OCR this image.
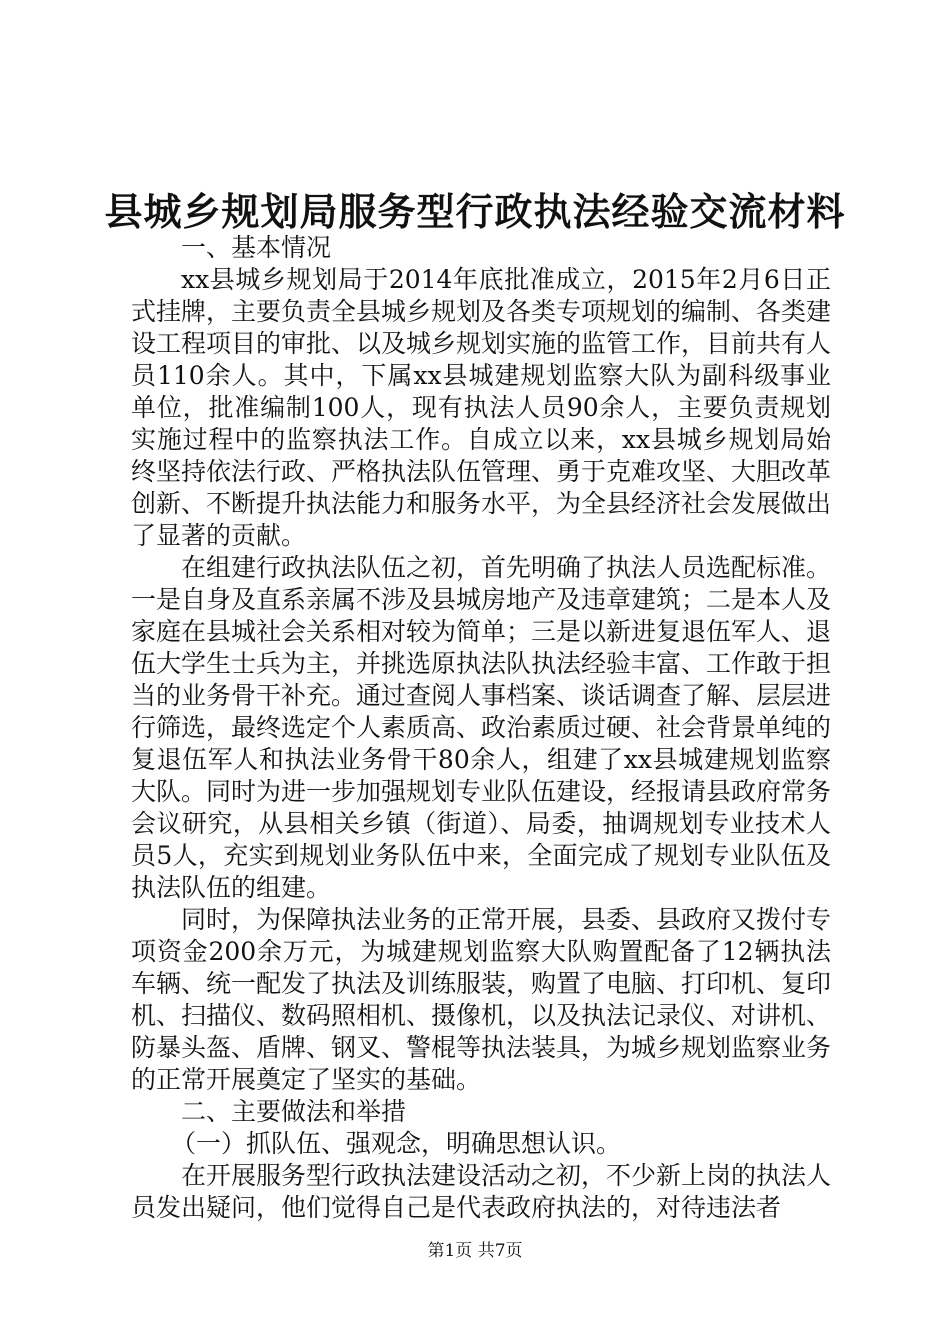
县城乡规划局服务型行政执法经验交流材料

一、基本情况

xx县城乡规划局于2014年底批准成立，2015年2月6日正式挂牌，主要负责全县城乡规划及各类专项规划的编制、各类建设工程项目的审批、以及城乡规划实施的监管工作，目前共有人员110余人。其中，下属xx县城建规划监察大队为副科级事业单位，批准编制100人，现有执法人员90余人，主要负责规划实施过程中的监察执法工作。自成立以来，xx县城乡规划局始终坚持依法行政、严格执法队伍管理、勇于克难攻坚、大胆改革创新、不断提升执法能力和服务水平，为全县经济社会发展做出了显著的贡献。

在组建行政执法队伍之初，首先明确了执法人员选配标准。一是自身及直系亲属不涉及县城房地产及违章建筑；二是本人及家庭在县城社会关系相对较为简单；三是以新进复退伍军人、退伍大学生士兵为主，并挑选原执法队执法经验丰富、工作敢于担当的业务骨干补充。通过查阅人事档案、谈话调查了解、层层进行筛选，最终选定个人素质高、政治素质过硬、社会背景单纯的复退伍军人和执法业务骨干80余人，组建了xx县城建规划监察大队。同时为进一步加强规划专业队伍建设，经报请县政府常务会议研究，从县相关乡镇（街道）、局委，抽调规划专业技术人员5人，充实到规划业务队伍中来，全面完成了规划专业队伍及执法队伍的组建。

同时，为保障执法业务的正常开展，县委、县政府又拨付专项资金200余万元，为城建规划监察大队购置配备了12辆执法车辆、统一配发了执法及训练服装，购置了电脑、打印机、复印机、扫描仪、数码照相机、摄像机，以及执法记录仪、对讲机、防暴头盔、盾牌、钢叉、警棍等执法装具，为城乡规划监察业务的正常开展奠定了坚实的基础。

二、主要做法和举措

（一）抓队伍、强观念，明确思想认识。

在开展服务型行政执法建设活动之初，不少新上岗的执法人员发出疑问，他们觉得自己是代表政府执法的，对待违法者

第1页 共7页
